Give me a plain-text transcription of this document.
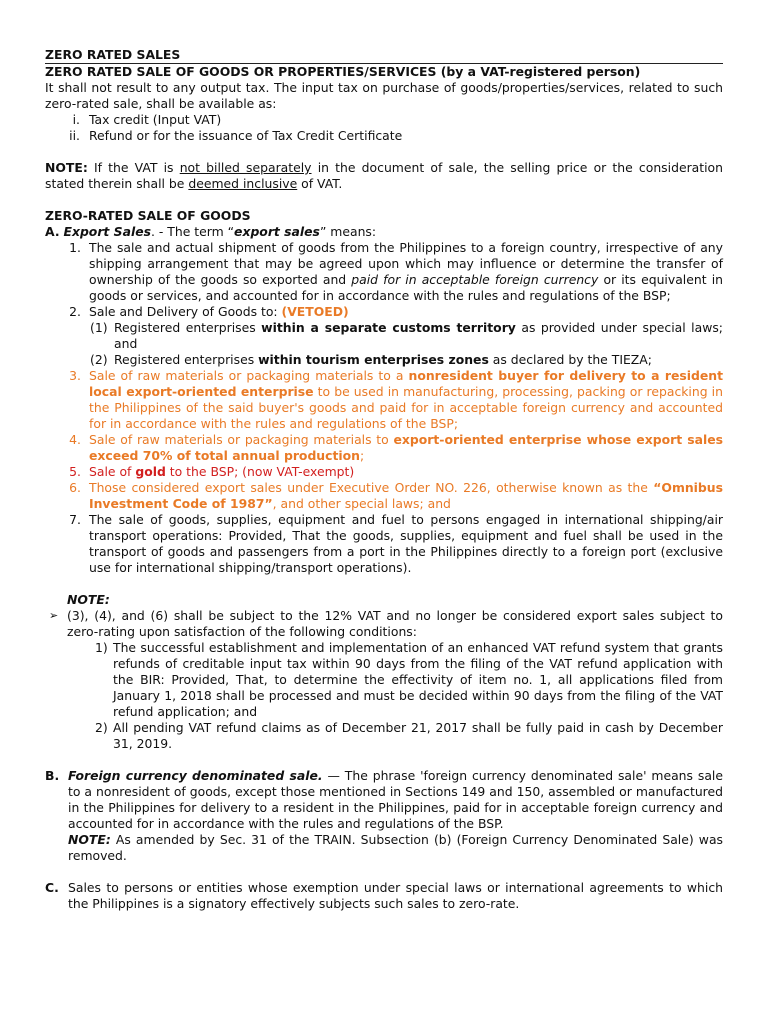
ZERO RATED SALES
ZERO RATED SALE OF GOODS OR PROPERTIES/SERVICES (by a VAT-registered person)

It shall not result to any output tax. The input tax on purchase of goods/properties/services, related to such zero-rated sale, shall be available as:

i. Tax credit (Input VAT)
ii. Refund or for the issuance of Tax Credit Certificate

NOTE: If the VAT is not billed separately in the document of sale, the selling price or the consideration stated therein shall be deemed inclusive of VAT.

ZERO-RATED SALE OF GOODS
A. Export Sales. - The term “export sales” means:
1. The sale and actual shipment of goods from the Philippines to a foreign country, irrespective of any shipping arrangement that may be agreed upon which may influence or determine the transfer of ownership of the goods so exported and paid for in acceptable foreign currency or its equivalent in goods or services, and accounted for in accordance with the rules and regulations of the BSP;
2. Sale and Delivery of Goods to: (VETOED)
(1) Registered enterprises within a separate customs territory as provided under special laws; and
(2) Registered enterprises within tourism enterprises zones as declared by the TIEZA;
3. Sale of raw materials or packaging materials to a nonresident buyer for delivery to a resident local export-oriented enterprise to be used in manufacturing, processing, packing or repacking in the Philippines of the said buyer's goods and paid for in acceptable foreign currency and accounted for in accordance with the rules and regulations of the BSP;
4. Sale of raw materials or packaging materials to export-oriented enterprise whose export sales exceed 70% of total annual production;
5. Sale of gold to the BSP; (now VAT-exempt)
6. Those considered export sales under Executive Order NO. 226, otherwise known as the “Omnibus Investment Code of 1987”, and other special laws; and
7. The sale of goods, supplies, equipment and fuel to persons engaged in international shipping/air transport operations: Provided, That the goods, supplies, equipment and fuel shall be used in the transport of goods and passengers from a port in the Philippines directly to a foreign port (exclusive use for international shipping/transport operations).
NOTE:
➢ (3), (4), and (6) shall be subject to the 12% VAT and no longer be considered export sales subject to zero-rating upon satisfaction of the following conditions:
1) The successful establishment and implementation of an enhanced VAT refund system that grants refunds of creditable input tax within 90 days from the filing of the VAT refund application with the BIR: Provided, That, to determine the effectivity of item no. 1, all applications filed from January 1, 2018 shall be processed and must be decided within 90 days from the filing of the VAT refund application; and
2) All pending VAT refund claims as of December 21, 2017 shall be fully paid in cash by December 31, 2019.
B. Foreign currency denominated sale. — The phrase 'foreign currency denominated sale' means sale to a nonresident of goods, except those mentioned in Sections 149 and 150, assembled or manufactured in the Philippines for delivery to a resident in the Philippines, paid for in acceptable foreign currency and accounted for in accordance with the rules and regulations of the BSP.

NOTE: As amended by Sec. 31 of the TRAIN. Subsection (b) (Foreign Currency Denominated Sale) was removed.

C. Sales to persons or entities whose exemption under special laws or international agreements to which the Philippines is a signatory effectively subjects such sales to zero-rate.
